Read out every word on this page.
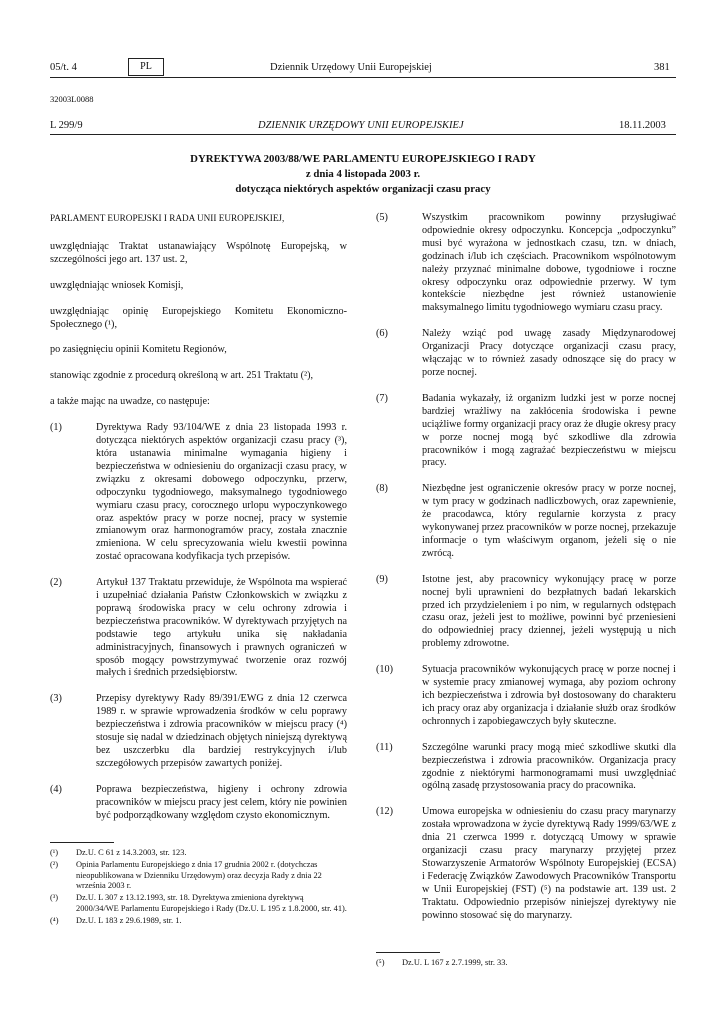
05/t. 4	PL	Dziennik Urzędowy Unii Europejskiej	381
32003L0088
L 299/9	DZIENNIK URZĘDOWY UNII EUROPEJSKIEJ	18.11.2003
DYREKTYWA 2003/88/WE PARLAMENTU EUROPEJSKIEGO I RADY
z dnia 4 listopada 2003 r.
dotycząca niektórych aspektów organizacji czasu pracy

PARLAMENT EUROPEJSKI I RADA UNII EUROPEJSKIEJ,

uwzględniając Traktat ustanawiający Wspólnotę Europejską, w szczególności jego art. 137 ust. 2,

uwzględniając wniosek Komisji,

uwzględniając opinię Europejskiego Komitetu Ekonomiczno-Społecznego (¹),

po zasięgnięciu opinii Komitetu Regionów,

stanowiąc zgodnie z procedurą określoną w art. 251 Traktatu (²),

a także mając na uwadze, co następuje:

(1)	Dyrektywa Rady 93/104/WE z dnia 23 listopada 1993 r. dotycząca niektórych aspektów organizacji czasu pracy (³), która ustanawia minimalne wymagania higieny i bezpieczeństwa w odniesieniu do organizacji czasu pracy, w związku z okresami dobowego odpoczynku, przerw, odpoczynku tygodniowego, maksymalnego tygodniowego wymiaru czasu pracy, corocznego urlopu wypoczynkowego oraz aspektów pracy w porze nocnej, pracy w systemie zmianowym oraz harmonogramów pracy, została znacznie zmieniona. W celu sprecyzowania wielu kwestii powinna zostać opracowana kodyfikacja tych przepisów.
(2)	Artykuł 137 Traktatu przewiduje, że Wspólnota ma wspierać i uzupełniać działania Państw Członkowskich w związku z poprawą środowiska pracy w celu ochrony zdrowia i bezpieczeństwa pracowników. W dyrektywach przyjętych na podstawie tego artykułu unika się nakładania administracyjnych, finansowych i prawnych ograniczeń w sposób mogący powstrzymywać tworzenie oraz rozwój małych i średnich przedsiębiorstw.
(3)	Przepisy dyrektywy Rady 89/391/EWG z dnia 12 czerwca 1989 r. w sprawie wprowadzenia środków w celu poprawy bezpieczeństwa i zdrowia pracowników w miejscu pracy (⁴) stosuje się nadal w dziedzinach objętych niniejszą dyrektywą bez uszczerbku dla bardziej restrykcyjnych i/lub szczegółowych przepisów zawartych poniżej.
(4)	Poprawa bezpieczeństwa, higieny i ochrony zdrowia pracowników w miejscu pracy jest celem, który nie powinien być podporządkowany względom czysto ekonomicznym.
(5)	Wszystkim pracownikom powinny przysługiwać odpowiednie okresy odpoczynku. Koncepcja „odpoczynku” musi być wyrażona w jednostkach czasu, tzn. w dniach, godzinach i/lub ich częściach. Pracownikom wspólnotowym należy przyznać minimalne dobowe, tygodniowe i roczne okresy odpoczynku oraz odpowiednie przerwy. W tym kontekście niezbędne jest również ustanowienie maksymalnego limitu tygodniowego wymiaru czasu pracy.
(6)	Należy wziąć pod uwagę zasady Międzynarodowej Organizacji Pracy dotyczące organizacji czasu pracy, włączając w to również zasady odnoszące się do pracy w porze nocnej.
(7)	Badania wykazały, iż organizm ludzki jest w porze nocnej bardziej wrażliwy na zakłócenia środowiska i pewne uciążliwe formy organizacji pracy oraz że długie okresy pracy w porze nocnej mogą być szkodliwe dla zdrowia pracowników i mogą zagrażać bezpieczeństwu w miejscu pracy.
(8)	Niezbędne jest ograniczenie okresów pracy w porze nocnej, w tym pracy w godzinach nadliczbowych, oraz zapewnienie, że pracodawca, który regularnie korzysta z pracy wykonywanej przez pracowników w porze nocnej, przekazuje informacje o tym właściwym organom, jeżeli się o nie zwrócą.
(9)	Istotne jest, aby pracownicy wykonujący pracę w porze nocnej byli uprawnieni do bezpłatnych badań lekarskich przed ich przydzieleniem i po nim, w regularnych odstępach czasu oraz, jeżeli jest to możliwe, powinni być przeniesieni do odpowiedniej pracy dziennej, jeżeli występują u nich problemy zdrowotne.
(10)	Sytuacja pracowników wykonujących pracę w porze nocnej i w systemie pracy zmianowej wymaga, aby poziom ochrony ich bezpieczeństwa i zdrowia był dostosowany do charakteru ich pracy oraz aby organizacja i działanie służb oraz środków ochronnych i zapobiegawczych były skuteczne.
(11)	Szczególne warunki pracy mogą mieć szkodliwe skutki dla bezpieczeństwa i zdrowia pracowników. Organizacja pracy zgodnie z niektórymi harmonogramami musi uwzględniać ogólną zasadę przystosowania pracy do pracownika.
(12)	Umowa europejska w odniesieniu do czasu pracy marynarzy została wprowadzona w życie dyrektywą Rady 1999/63/WE z dnia 21 czerwca 1999 r. dotyczącą Umowy w sprawie organizacji czasu pracy marynarzy przyjętej przez Stowarzyszenie Armatorów Wspólnoty Europejskiej (ECSA) i Federację Związków Zawodowych Pracowników Transportu w Unii Europejskiej (FST) (⁵) na podstawie art. 139 ust. 2 Traktatu. Odpowiednio przepisów niniejszej dyrektywy nie powinno stosować się do marynarzy.
(¹) Dz.U. C 61 z 14.3.2003, str. 123.
(²) Opinia Parlamentu Europejskiego z dnia 17 grudnia 2002 r. (dotychczas nieopublikowana w Dzienniku Urzędowym) oraz decyzja Rady z dnia 22 września 2003 r.
(³) Dz.U. L 307 z 13.12.1993, str. 18. Dyrektywa zmieniona dyrektywą 2000/34/WE Parlamentu Europejskiego i Rady (Dz.U. L 195 z 1.8.2000, str. 41).
(⁴) Dz.U. L 183 z 29.6.1989, str. 1.
(⁵) Dz.U. L 167 z 2.7.1999, str. 33.
